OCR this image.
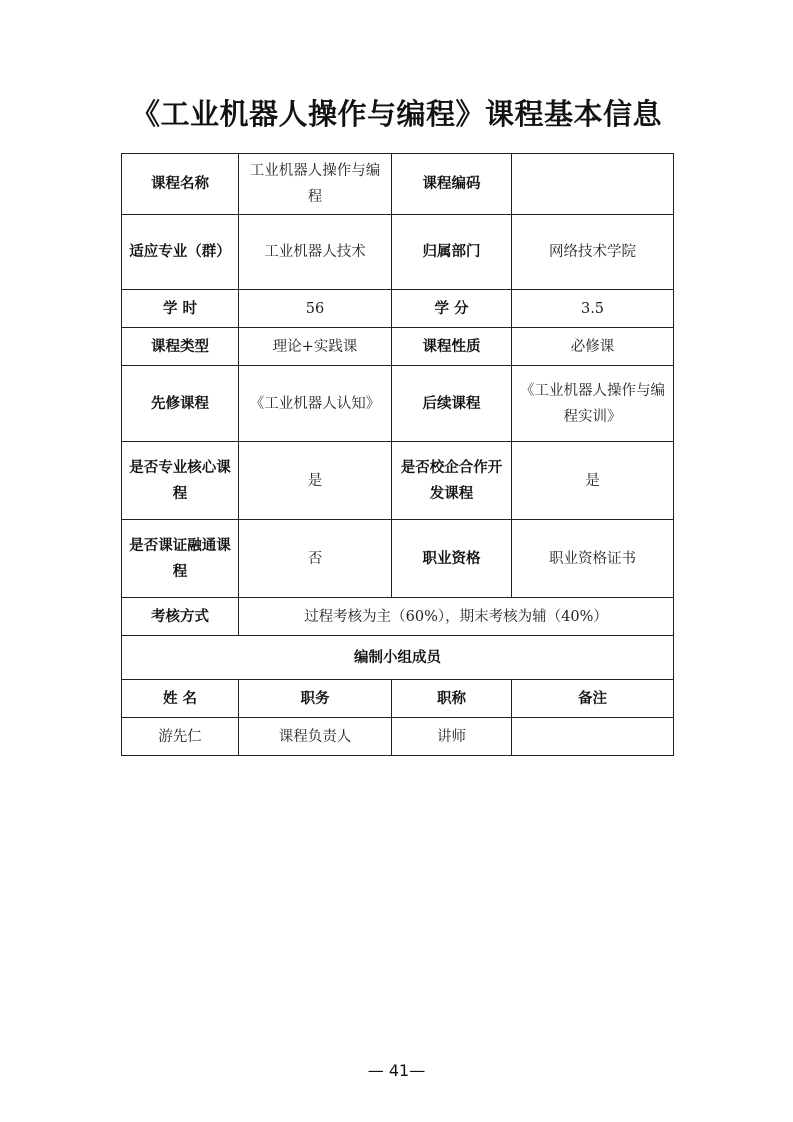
《工业机器人操作与编程》课程基本信息
课程名称	工业机器人操作与编程	课程编码	
适应专业（群）	工业机器人技术	归属部门	网络技术学院
学 时	56	学 分	3.5
课程类型	理论+实践课	课程性质	必修课
先修课程	《工业机器人认知》	后续课程	《工业机器人操作与编程实训》
是否专业核心课程	是	是否校企合作开发课程	是
是否课证融通课程	否	职业资格	职业资格证书
考核方式	过程考核为主（60%），期末考核为辅（40%）		
编制小组成员			
姓 名	职务	职称	备注
游先仁	课程负责人	讲师	
— 41—
